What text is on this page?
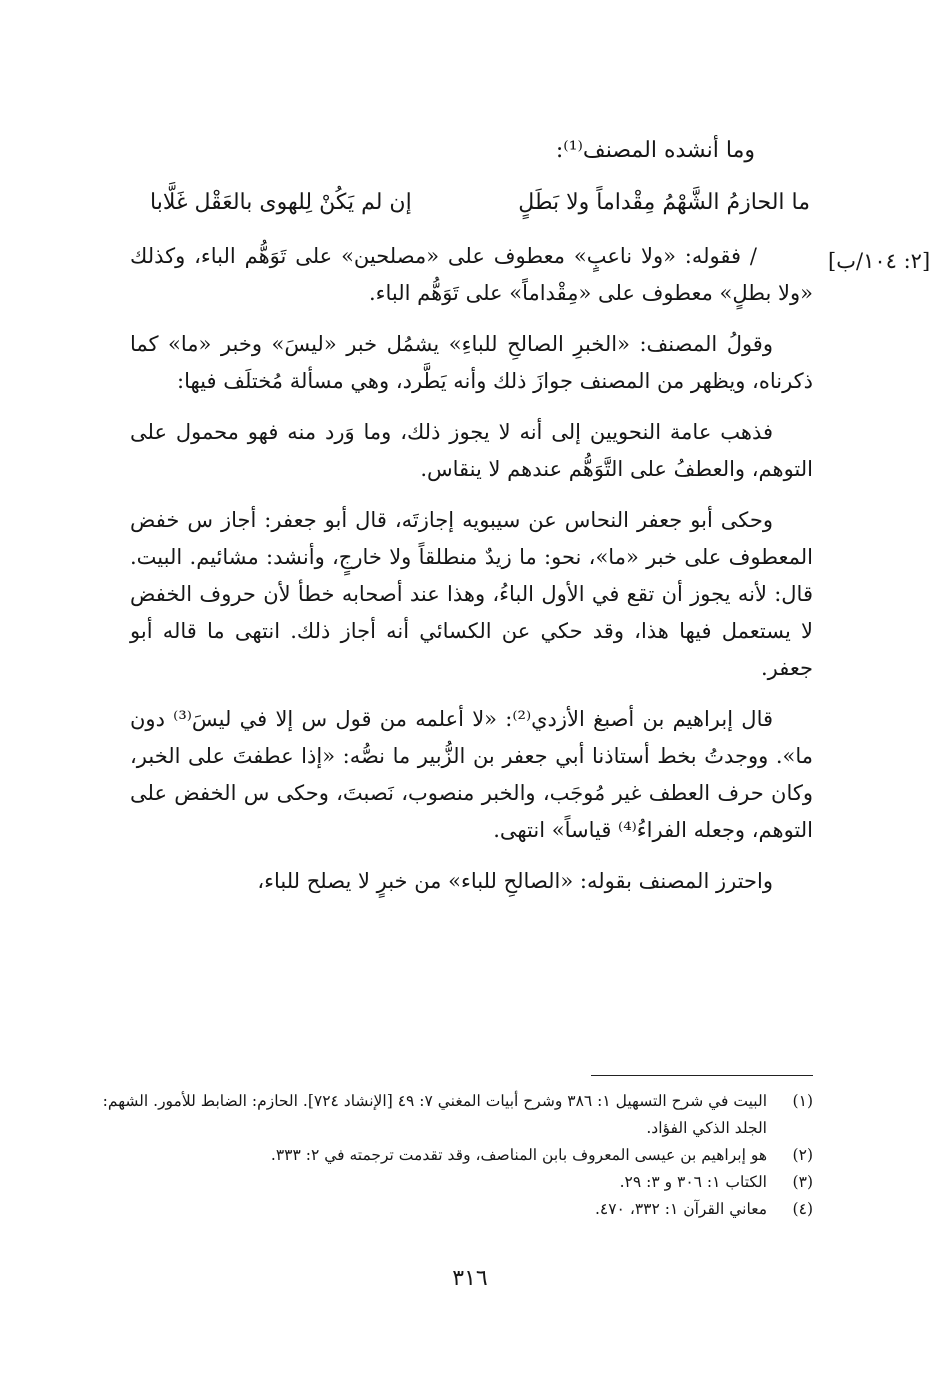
وما أنشده المصنف⁽¹⁾:
ما الحازمُ الشَّهْمُ مِقْداماً ولا بَطَلٍ
إن لم يَكُنْ لِلهوى بالعَقْل غَلَّابا
[٢: ١٠٤/ب]

/ فقوله: «ولا ناعبٍ» معطوف على «مصلحين» على تَوَهُّم الباء، وكذلك «ولا بطلٍ» معطوف على «مِقْداماً» على تَوَهُّم الباء.

وقولُ المصنف: «الخبرِ الصالحِ للباءِ» يشمُل خبر «ليسَ» وخبر «ما» كما ذكرناه، ويظهر من المصنف جوازَ ذلك وأنه يَطَّرد، وهي مسألة مُختلَف فيها:

فذهب عامة النحويين إلى أنه لا يجوز ذلك، وما وَرد منه فهو محمول على التوهم، والعطفُ على التَّوَهُّم عندهم لا ينقاس.

وحكى أبو جعفر النحاس عن سيبويه إجازتَه، قال أبو جعفر: أجاز س خفض المعطوف على خبر «ما»، نحو: ما زيدٌ منطلقاً ولا خارجٍ، وأنشد: مشائيم. البيت. قال: لأنه يجوز أن تقع في الأول الباءُ، وهذا عند أصحابه خطأ لأن حروف الخفض لا يستعمل فيها هذا، وقد حكي عن الكسائي أنه أجاز ذلك. انتهى ما قاله أبو جعفر.

قال إبراهيم بن أصبغ الأزدي⁽²⁾: «لا أعلمه من قول س إلا في ليسَ⁽³⁾ دون ما». ووجدتُ بخط أستاذنا أبي جعفر بن الزُّبير ما نصُّه: «إذا عطفتَ على الخبر، وكان حرف العطف غير مُوجَب، والخبر منصوب، نَصبتَ، وحكى س الخفض على التوهم، وجعله الفراءُ⁽⁴⁾ قياساً» انتهى.

واحترز المصنف بقوله: «الصالحِ للباء» من خبرٍ لا يصلح للباء،

(١)
البيت في شرح التسهيل ١: ٣٨٦ وشرح أبيات المغني ٧: ٤٩ [الإنشاد ٧٢٤]. الحازم: الضابط للأمور. الشهم: الجلد الذكي الفؤاد.
(٢)
هو إبراهيم بن عيسى المعروف بابن المناصف، وقد تقدمت ترجمته في ٢: ٣٣٣.
(٣)
الكتاب ١: ٣٠٦ و ٣: ٢٩.
(٤)
معاني القرآن ١: ٣٣٢، ٤٧٠.
٣١٦
